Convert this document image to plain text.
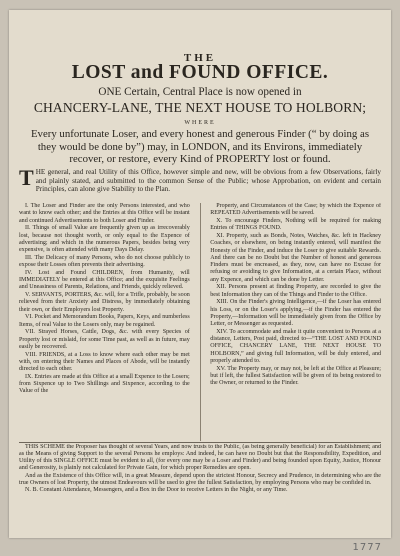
THE
LOST and FOUND OFFICE.
ONE Certain, Central Place is now opened in
CHANCERY-LANE, THE NEXT HOUSE TO HOLBORN;
WHERE
Every unfortunate Loser, and every honest and generous Finder (“ by doing as
they would be done by”) may, in LONDON, and its Environs, immediately
recover, or restore, every Kind of PROPERTY lost or found.
THE general, and real Utility of this Office, however simple and new, will be obvious from a few Observations, fairly and plainly stated, and submitted to the common Sense of the Public; whose Approbation, on evident and certain Principles, can alone give Stability to the Plan.

I. The Loser and Finder are the only Persons interested, and who want to know each other; and the Entries at this Office will be instant and continued Advertisements to both Loser and Finder.

II. Things of small Value are frequently given up as irrecoverably lost, because not thought worth, or only equal to the Expence of advertising; and which in the numerous Papers, besides being very expensive, is often attended with many Days Delay.

III. The Delicacy of many Persons, who do not choose publicly to expose their Losses often prevents their advertising.

IV. Lost and Found CHILDREN, from Humanity, will IMMEDIATELY be entered at this Office; and the exquisite Feelings and Uneasiness of Parents, Relations, and Friends, quickly relieved.

V. SERVANTS, PORTERS, &c. will, for a Trifle, probably, be soon relieved from their Anxiety and Distress, by immediately obtaining their own, or their Employers lost Property.

VI. Pocket and Memorandum Books, Papers, Keys, and numberless Items, of real Value to the Losers only, may be regained.

VII. Strayed Horses, Cattle, Dogs, &c. with every Species of Property lost or mislaid, for some Time past, as well as in future, may easily be recovered.

VIII. FRIENDS, at a Loss to know where each other may be met with, on entering their Names and Places of Abode, will be instantly directed to each other.

IX. Entries are made at this Office at a small Expence to the Losers; from Sixpence up to Two Shillings and Sixpence, according to the Value of the

Property, and Circumstances of the Case; by which the Expence of REPEATED Advertisements will be saved.

X. To encourage Finders, Nothing will be required for making Entries of THINGS FOUND.

XI. Property, such as Bonds, Notes, Watches, &c. left in Hackney Coaches, or elsewhere, on being instantly entered, will manifest the Honesty of the Finder, and induce the Loser to give suitable Rewards. And there can be no Doubt but the Number of honest and generous Finders must be encreased, as they, now, can have no Excuse for refusing or avoiding to give Information, at a certain Place, without any Expence, and which can be done by Letter.

XII. Persons present at finding Property, are recorded to give the best Information they can of the Things and Finder to the Office.

XIII. On the Finder's giving Intelligence,—if the Loser has entered his Loss, or on the Loser's applying,—if the Finder has entered the Property,—Information will be immediately given from the Office by Letter, or Messenger as requested.

XIV. To accommodate and make it quite convenient to Persons at a distance, Letters, Post paid, directed to—“THE LOST AND FOUND OFFICE, CHANCERY LANE, THE NEXT HOUSE TO HOLBORN,” and giving full Information, will be duly entered, and properly attended to.

XV. The Property may, or may not, be left at the Office at Pleasure; but if left, the fullest Satisfaction will be given of its being restored to the Owner, or returned to the Finder.

THIS SCHEME the Proposer has thought of several Years, and now trusts to the Public, (as being generally beneficial) for an Establishment; and as the Means of giving Support to the several Persons he employs: And indeed, he can have no Doubt but that the Responsibility, Expedition, and Utility of this SINGLE OFFICE must be evident to all, (for every one may be a Loser and Finder) and being founded upon Equity, Justice, Honour and Generosity, is plainly not calculated for Private Gain, for which proper Remedies are open.

And as the Existence of this Office will, in a great Measure, depend upon the strictest Honour, Secrecy and Prudence, in determining who are the true Owners of lost Property, the utmost Endeavours will be used to give the fullest Satisfaction, by employing Persons who may be confided in.

N. B. Constant Attendance, Messengers, and a Box in the Door to receive Letters in the Night, or any Time.

1777
